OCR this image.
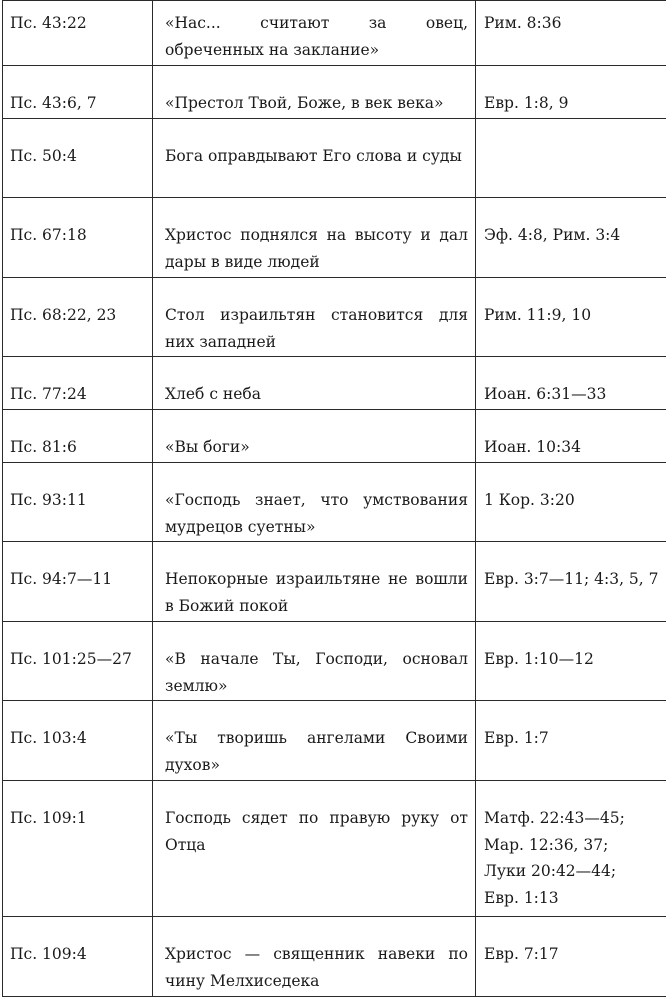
Пс. 43:22	«Нас... считают за овец, обреченных на заклание»	Рим. 8:36

Пс. 43:6, 7	«Престол Твой, Боже, в век века»	Евр. 1:8, 9

Пс. 50:4	Бога оправдывают Его слова и суды	

Пс. 67:18	Христос поднялся на высоту и дал дары в виде людей	Эф. 4:8, Рим. 3:4

Пс. 68:22, 23	Стол израильтян становится для них западней	Рим. 11:9, 10

Пс. 77:24	Хлеб с неба	Иоан. 6:31—33

Пс. 81:6	«Вы боги»	Иоан. 10:34

Пс. 93:11	«Господь знает, что умствования мудрецов суетны»	1 Кор. 3:20

Пс. 94:7—11	Непокорные израильтяне не вошли в Божий покой	Евр. 3:7—11; 4:3, 5, 7

Пс. 101:25—27	«В начале Ты, Господи, основал землю»	Евр. 1:10—12

Пс. 103:4	«Ты творишь ангелами Своими духов»	Евр. 1:7

Пс. 109:1	Господь сядет по правую руку от Отца	Матф. 22:43—45;
Мар. 12:36, 37;
Луки 20:42—44;
Евр. 1:13

Пс. 109:4	Христос — священник навеки по чину Мелхиседека	Евр. 7:17
